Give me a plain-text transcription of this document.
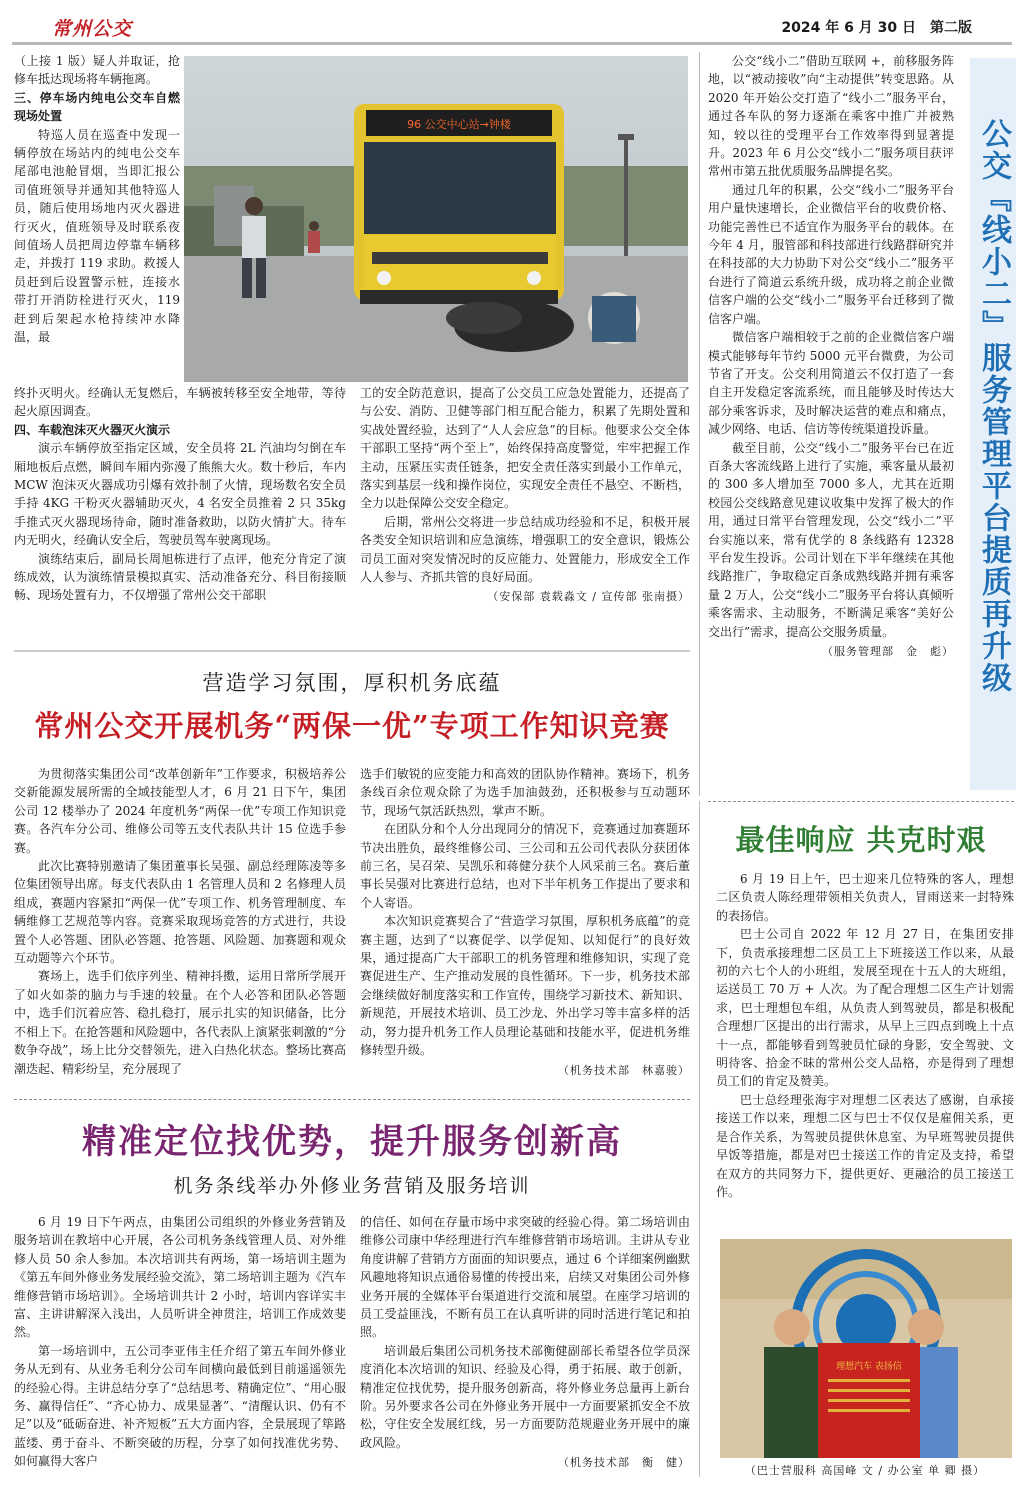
常州公交	2024 年 6 月 30 日　第二版

（上接 1 版）疑人并取证，抢修车抵达现场将车辆拖离。

三、停车场内纯电公交车自燃现场处置

特巡人员在巡查中发现一辆停放在场站内的纯电公交车尾部电池舱冒烟，当即汇报公司值班领导并通知其他特巡人员，随后使用场地内灭火器进行灭火，值班领导及时联系夜间值场人员把周边停靠车辆移走，并拨打 119 求助。救援人员赶到后设置警示桩，连接水带打开消防栓进行灭火，119 赶到后架起水枪持续冲水降温，最

96 公交中心站→钟楼

终扑灭明火。经确认无复燃后，车辆被转移至安全地带，等待起火原因调查。

四、车载泡沫灭火器灭火演示

演示车辆停放至指定区域，安全员将 2L 汽油均匀倒在车厢地板后点燃，瞬间车厢内弥漫了熊熊大火。数十秒后，车内 MCW 泡沫灭火器成功引爆有效扑制了火情，现场数名安全员手持 4KG 干粉灭火器辅助灭火，4 名安全员推着 2 只 35kg 手推式灭火器现场待命，随时准备救助，以防火情扩大。待车内无明火，经确认安全后，驾驶员驾车驶离现场。

演练结束后，副局长周旭栋进行了点评，他充分肯定了演练成效，认为演练情景模拟真实、活动准备充分、科目衔接顺畅、现场处置有力，不仅增强了常州公交干部职

工的安全防范意识，提高了公交员工应急处置能力，还提高了与公安、消防、卫健等部门相互配合能力，积累了先期处置和实战处置经验，达到了“人人会应急”的目标。他要求公交全体干部职工坚持“两个至上”，始终保持高度警觉，牢牢把握工作主动，压紧压实责任链条，把安全责任落实到最小工作单元，落实到基层一线和操作岗位，实现安全责任不悬空、不断档，全力以赴保障公交安全稳定。

后期，常州公交将进一步总结成功经验和不足，积极开展各类安全知识培训和应急演练，增强职工的安全意识，锻炼公司员工面对突发情况时的反应能力、处置能力，形成安全工作人人参与、齐抓共管的良好局面。

（安保部 袁载淼文 / 宣传部 张南摄）

公交“线小二”借助互联网 +，前移服务阵地，以“被动接收”向“主动提供”转变思路。从 2020 年开始公交打造了“线小二”服务平台，通过各车队的努力逐渐在乘客中推广并被熟知，较以往的受理平台工作效率得到显著提升。2023 年 6 月公交“线小二”服务项目获评常州市第五批优质服务品牌提名奖。

通过几年的积累，公交“线小二”服务平台用户量快速增长，企业微信平台的收费价格、功能完善性已不适宜作为服务平台的载体。在今年 4 月，服管部和科技部进行线路群研究并在科技部的大力协助下对公交“线小二”服务平台进行了简道云系统升级，成功将之前企业微信客户端的公交“线小二”服务平台迁移到了微信客户端。

微信客户端相较于之前的企业微信客户端模式能够每年节约 5000 元平台微费，为公司节省了开支。公交利用简道云不仅打造了一套自主开发稳定客流系统，而且能够及时传达大部分乘客诉求，及时解决运营的难点和痛点，减少网络、电话、信访等传统渠道投诉量。

截至目前，公交“线小二”服务平台已在近百条大客流线路上进行了实施，乘客量从最初的 300 多人增加至 7000 多人，尤其在近期校园公交线路意见建议收集中发挥了极大的作用，通过日常平台管理发现，公交“线小二”平台实施以来，常有优学的 8 条线路有 12328 平台发生投诉。公司计划在下半年继续在其他线路推广，争取稳定百条成熟线路并拥有乘客量 2 万人，公交“线小二”服务平台将认真倾听乘客需求、主动服务，不断满足乘客“美好公交出行”需求，提高公交服务质量。

（服务管理部　金　彪） 公交『线小二』服务管理平台提质再升级
营造学习氛围，厚积机务底蕴
常州公交开展机务“两保一优”专项工作知识竞赛

为贯彻落实集团公司“改革创新年”工作要求，积极培养公交新能源发展所需的全域技能型人才，6 月 21 日下午，集团公司 12 楼举办了 2024 年度机务“两保一优”专项工作知识竞赛。各汽车分公司、维修公司等五支代表队共计 15 位选手参赛。

此次比赛特别邀请了集团董事长吴强、副总经理陈凌等多位集团领导出席。每支代表队由 1 名管理人员和 2 名修理人员组成，赛题内容紧扣“两保一优”专项工作、机务管理制度、车辆维修工艺规范等内容。竞赛采取现场竞答的方式进行，共设置个人必答题、团队必答题、抢答题、风险题、加赛题和观众互动题等六个环节。

赛场上，选手们依序列坐、精神抖擞，运用日常所学展开了如火如荼的脑力与手速的较量。在个人必答和团队必答题中，选手们沉着应答、稳扎稳打，展示扎实的知识储备，比分不相上下。在抢答题和风险题中，各代表队上演紧张刺激的“分数争夺战”，场上比分交替领先，进入白热化状态。整场比赛高潮迭起、精彩纷呈，充分展现了

选手们敏锐的应变能力和高效的团队协作精神。赛场下，机务条线百余位观众除了为选手加油鼓劲，还积极参与互动题环节，现场气氛活跃热烈，掌声不断。

在团队分和个人分出现同分的情况下，竞赛通过加赛题环节决出胜负，最终维修公司、三公司和五公司代表队分获团体前三名，吴召荣、吴凯乐和蒋健分获个人风采前三名。赛后董事长吴强对比赛进行总结，也对下半年机务工作提出了要求和个人寄语。

本次知识竞赛契合了“营造学习氛围，厚积机务底蕴”的竞赛主题，达到了“以赛促学、以学促知、以知促行”的良好效果，通过提高广大干部职工的机务管理和维修知识，实现了竞赛促进生产、生产推动发展的良性循环。下一步，机务技术部会继续做好制度落实和工作宣传，围绕学习新技术、新知识、新规范，开展技术培训、员工沙龙、外出学习等丰富多样的活动，努力提升机务工作人员理论基础和技能水平，促进机务维修转型升级。

（机务技术部　林嘉骏）
精准定位找优势，提升服务创新高
机务条线举办外修业务营销及服务培训

6 月 19 日下午两点，由集团公司组织的外修业务营销及服务培训在教培中心开展，各公司机务条线管理人员、对外维修人员 50 余人参加。本次培训共有两场，第一场培训主题为《第五车间外修业务发展经验交流》，第二场培训主题为《汽车维修营销市场培训》。全场培训共计 2 小时，培训内容详实丰富、主讲讲解深入浅出，人员听讲全神贯注，培训工作成效斐然。

第一场培训中，五公司李亚伟主任介绍了第五车间外修业务从无到有、从业务毛利分公司车间横向最低到目前遥遥领先的经验心得。主讲总结分享了“总结思考、精确定位”、“用心服务、赢得信任”、“齐心协力、成果显著”、“清醒认识、仍有不足”以及“砥砺奋进、补齐短板”五大方面内容，全景展现了筚路蓝缕、勇于奋斗、不断突破的历程，分享了如何找准优劣势、如何赢得大客户

的信任、如何在存量市场中求突破的经验心得。第二场培训由维修公司康中华经理进行汽车维修营销市场培训。主讲从专业角度讲解了营销方方面面的知识要点，通过 6 个详细案例幽默风趣地将知识点通俗易懂的传授出来，启续又对集团公司外修业务开展的全媒体平台渠道进行交流和展望。在座学习培训的员工受益匪浅，不断有员工在认真听讲的同时活进行笔记和拍照。

培训最后集团公司机务技术部衡健副部长希望各位学员深度消化本次培训的知识、经验及心得，勇于拓展、敢于创新，精准定位找优势，提升服务创新高，将外修业务总量再上新台阶。另外要求各公司在外修业务开展中一方面要紧抓安全不放松，守住安全发展红线，另一方面要防范规避业务开展中的廉政风险。

（机务技术部　衡　健）
最佳响应 共克时艰

6 月 19 日上午，巴士迎来几位特殊的客人，理想二区负责人陈经理带领相关负责人，冒雨送来一封特殊的表扬信。

巴士公司自 2022 年 12 月 27 日，在集团安排下，负责承接理想二区员工上下班接送工作以来，从最初的六七个人的小班组，发展至现在十五人的大班组，运送员工 70 万 + 人次。为了配合理想二区生产计划需求，巴士理想包车组，从负责人到驾驶员，都是积极配合理想厂区提出的出行需求，从早上三四点到晚上十点十一点，都能够看到驾驶员忙碌的身影，安全驾驶、文明待客、拾金不昧的常州公交人品格，亦是得到了理想员工们的肯定及赞美。

巴士总经理张海宇对理想二区表达了感谢，自承接接送工作以来，理想二区与巴士不仅仅是雇佣关系，更是合作关系，为驾驶员提供休息室、为早班驾驶员提供早饭等措施，都是对巴士接送工作的肯定及支持，希望在双方的共同努力下，提供更好、更融洽的员工接送工作。

理想汽车 表扬信
（巴士营服科 高国峰 文 / 办公室 单 卿 摄）
